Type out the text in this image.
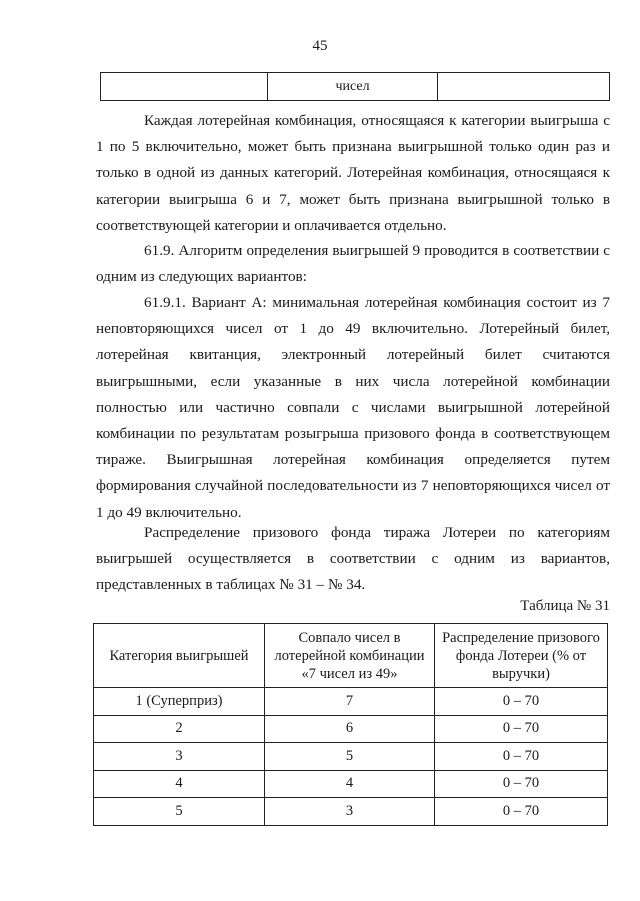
45
	чисел	

Каждая лотерейная комбинация, относящаяся к категории выигрыша с 1 по 5 включительно, может быть признана выигрышной только один раз и только в одной из данных категорий. Лотерейная комбинация, относящаяся к категории выигрыша 6 и 7, может быть признана выигрышной только в соответствующей категории и оплачивается отдельно.

61.9. Алгоритм определения выигрышей 9 проводится в соответствии с одним из следующих вариантов:

61.9.1. Вариант А: минимальная лотерейная комбинация состоит из 7 неповторяющихся чисел от 1 до 49 включительно. Лотерейный билет, лотерейная квитанция, электронный лотерейный билет считаются выигрышными, если указанные в них числа лотерейной комбинации полностью или частично совпали с числами выигрышной лотерейной комбинации по результатам розыгрыша призового фонда в соответствующем тираже. Выигрышная лотерейная комбинация определяется путем формирования случайной последовательности из 7 неповторяющихся чисел от 1 до 49 включительно.

Распределение призового фонда тиража Лотереи по категориям выигрышей осуществляется в соответствии с одним из вариантов, представленных в таблицах № 31 – № 34.

Таблица № 31
Категория выигрышей	Совпало чисел в лотерейной комбинации «7 чисел из 49»	Распределение призового фонда Лотереи (% от выручки)
1 (Суперприз)	7	0 – 70
2	6	0 – 70
3	5	0 – 70
4	4	0 – 70
5	3	0 – 70
